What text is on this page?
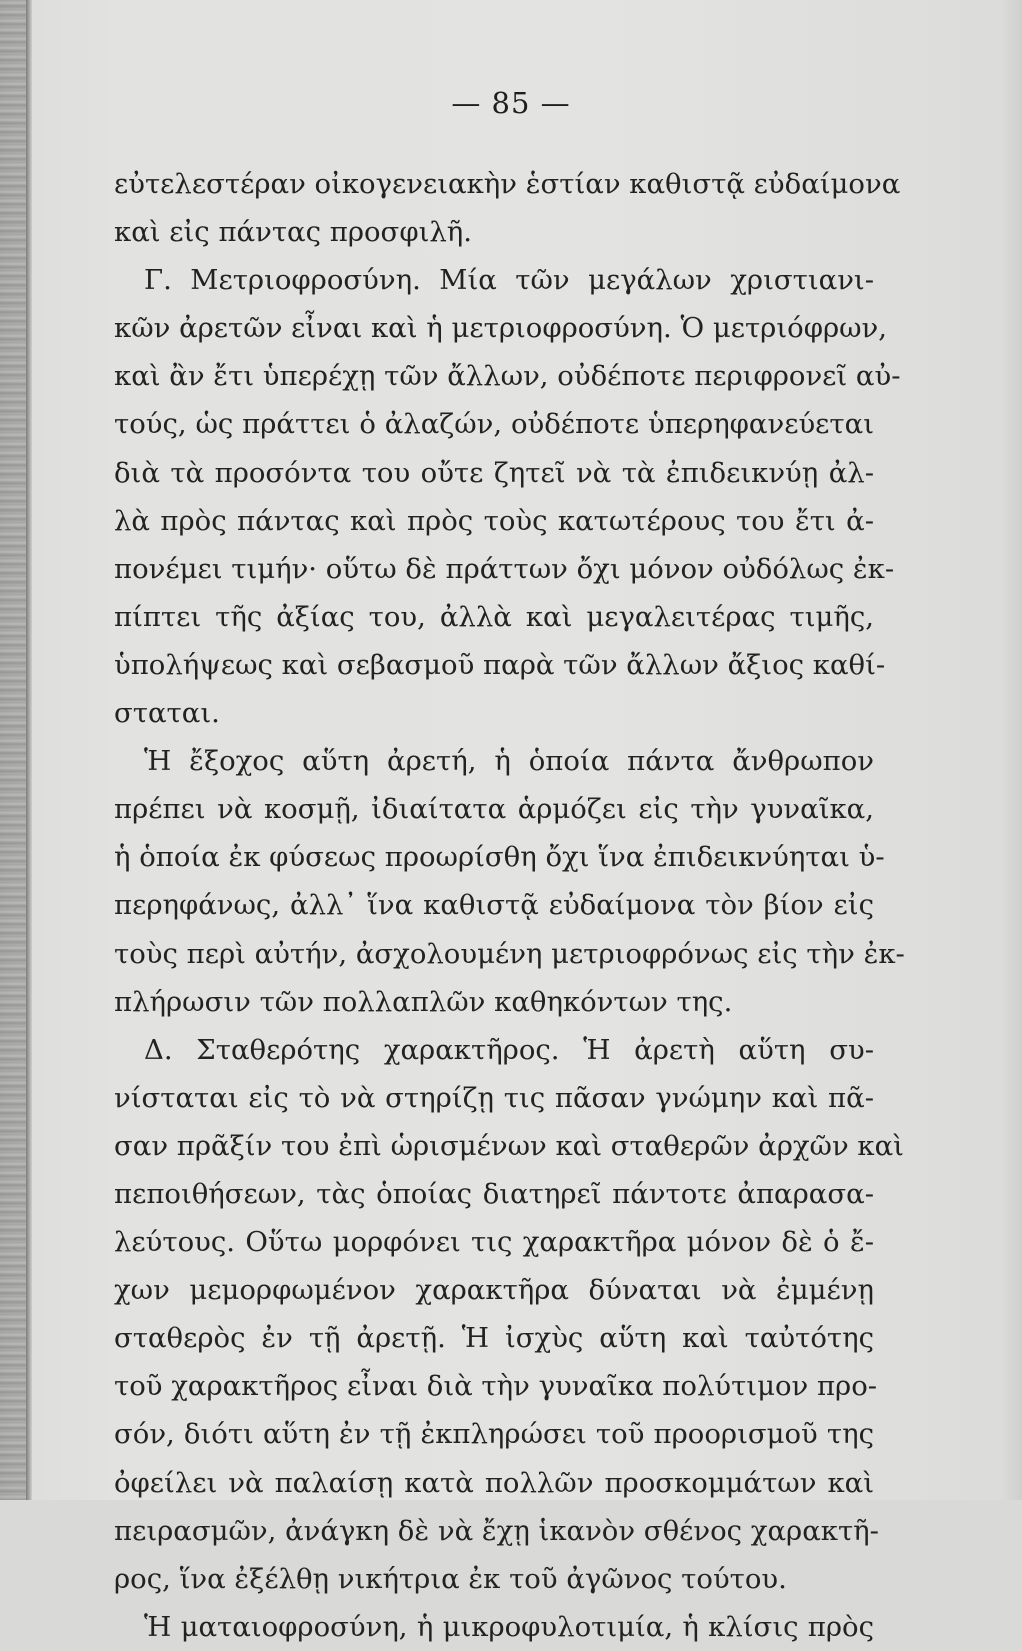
— 85 —
εὐτελεστέραν οἰκογενειακὴν ἑστίαν καθιστᾷ εὐδαίμονα
καὶ εἰς πάντας προσφιλῆ.
Γ. Μετριοφροσύνη. Μία τῶν μεγάλων χριστιανι-
κῶν ἀρετῶν εἶναι καὶ ἡ μετριοφροσύνη. Ὁ μετριόφρων,
καὶ ἂν ἔτι ὑπερέχῃ τῶν ἄλλων, οὐδέποτε περιφρονεῖ αὐ-
τούς, ὡς πράττει ὁ ἀλαζών, οὐδέποτε ὑπερηφανεύεται
διὰ τὰ προσόντα του οὔτε ζητεῖ νὰ τὰ ἐπιδεικνύῃ ἀλ-
λὰ πρὸς πάντας καὶ πρὸς τοὺς κατωτέρους του ἔτι ἀ-
πονέμει τιμήν· οὕτω δὲ πράττων ὄχι μόνον οὐδόλως ἐκ-
πίπτει τῆς ἀξίας του, ἀλλὰ καὶ μεγαλειτέρας τιμῆς,
ὑπολήψεως καὶ σεβασμοῦ παρὰ τῶν ἄλλων ἄξιος καθί-
σταται.
Ἡ ἔξοχος αὕτη ἀρετή, ἡ ὁποία πάντα ἄνθρωπον
πρέπει νὰ κοσμῇ, ἰδιαίτατα ἁρμόζει εἰς τὴν γυναῖκα,
ἡ ὁποία ἐκ φύσεως προωρίσθη ὄχι ἵνα ἐπιδεικνύηται ὑ-
περηφάνως, ἀλλ᾽ ἵνα καθιστᾷ εὐδαίμονα τὸν βίον εἰς
τοὺς περὶ αὐτήν, ἀσχολουμένη μετριοφρόνως εἰς τὴν ἐκ-
πλήρωσιν τῶν πολλαπλῶν καθηκόντων της.
Δ. Σταθερότης χαρακτῆρος. Ἡ ἀρετὴ αὕτη συ-
νίσταται εἰς τὸ νὰ στηρίζῃ τις πᾶσαν γνώμην καὶ πᾶ-
σαν πρᾶξίν του ἐπὶ ὡρισμένων καὶ σταθερῶν ἀρχῶν καὶ
πεποιθήσεων, τὰς ὁποίας διατηρεῖ πάντοτε ἀπαρασα-
λεύτους. Οὕτω μορφόνει τις χαρακτῆρα μόνον δὲ ὁ ἔ-
χων μεμορφωμένον χαρακτῆρα δύναται νὰ ἐμμένῃ
σταθερὸς ἐν τῇ ἀρετῇ. Ἡ ἰσχὺς αὕτη καὶ ταὐτότης
τοῦ χαρακτῆρος εἶναι διὰ τὴν γυναῖκα πολύτιμον προ-
σόν, διότι αὕτη ἐν τῇ ἐκπληρώσει τοῦ προορισμοῦ της
ὀφείλει νὰ παλαίσῃ κατὰ πολλῶν προσκομμάτων καὶ
πειρασμῶν, ἀνάγκη δὲ νὰ ἔχῃ ἱκανὸν σθένος χαρακτῆ-
ρος, ἵνα ἐξέλθῃ νικήτρια ἐκ τοῦ ἀγῶνος τούτου.
Ἡ ματαιοφροσύνη, ἡ μικροφυλοτιμία, ἡ κλίσις πρὸς
